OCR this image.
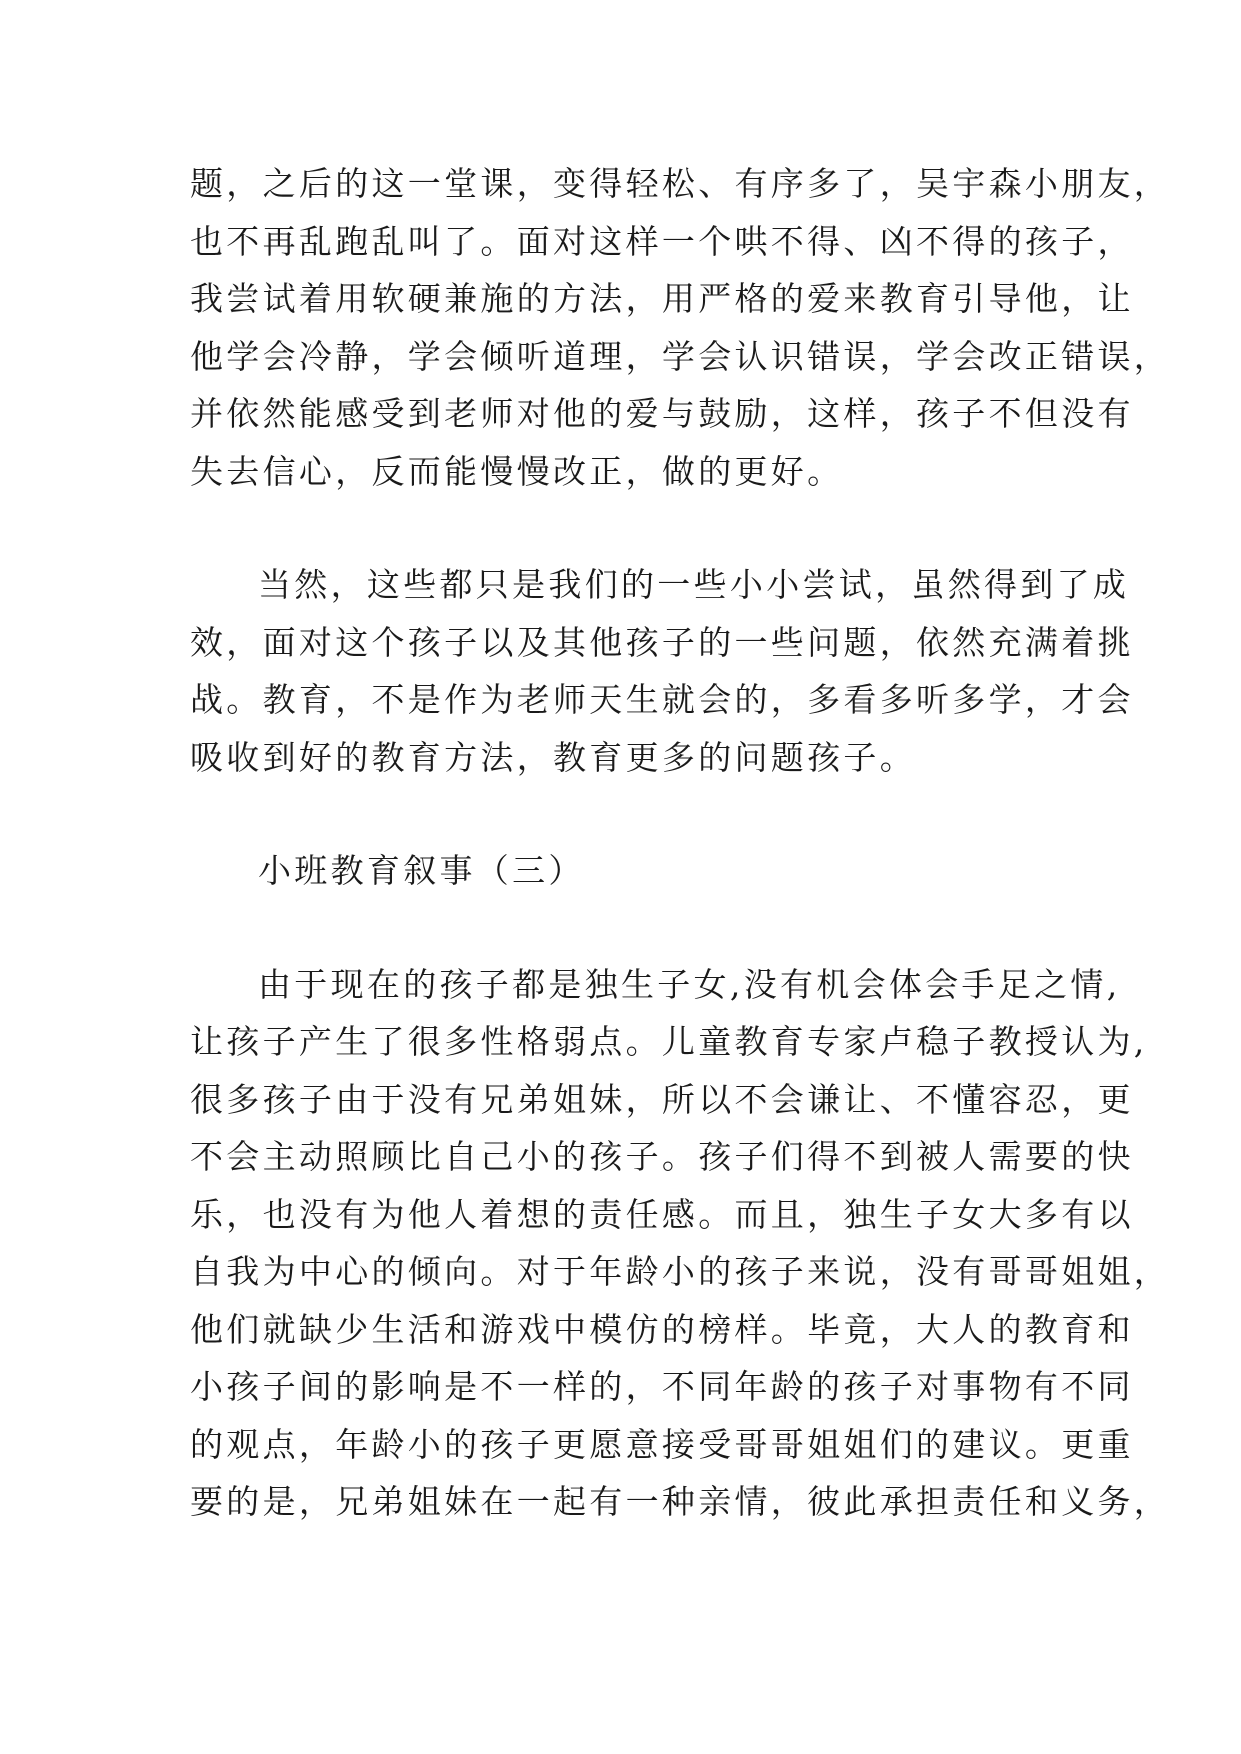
题，之后的这一堂课，变得轻松、有序多了，吴宇森小朋友，
也不再乱跑乱叫了。面对这样一个哄不得、凶不得的孩子，
我尝试着用软硬兼施的方法，用严格的爱来教育引导他，让
他学会冷静，学会倾听道理，学会认识错误，学会改正错误，
并依然能感受到老师对他的爱与鼓励，这样，孩子不但没有
失去信心，反而能慢慢改正，做的更好。
当然，这些都只是我们的一些小小尝试，虽然得到了成
效，面对这个孩子以及其他孩子的一些问题，依然充满着挑
战。教育，不是作为老师天生就会的，多看多听多学，才会
吸收到好的教育方法，教育更多的问题孩子。
小班教育叙事（三）
由于现在的孩子都是独生子女,没有机会体会手足之情,
让孩子产生了很多性格弱点。儿童教育专家卢稳子教授认为,
很多孩子由于没有兄弟姐妹，所以不会谦让、不懂容忍，更
不会主动照顾比自己小的孩子。孩子们得不到被人需要的快
乐，也没有为他人着想的责任感。而且，独生子女大多有以
自我为中心的倾向。对于年龄小的孩子来说，没有哥哥姐姐，
他们就缺少生活和游戏中模仿的榜样。毕竟，大人的教育和
小孩子间的影响是不一样的，不同年龄的孩子对事物有不同
的观点，年龄小的孩子更愿意接受哥哥姐姐们的建议。更重
要的是，兄弟姐妹在一起有一种亲情，彼此承担责任和义务，
